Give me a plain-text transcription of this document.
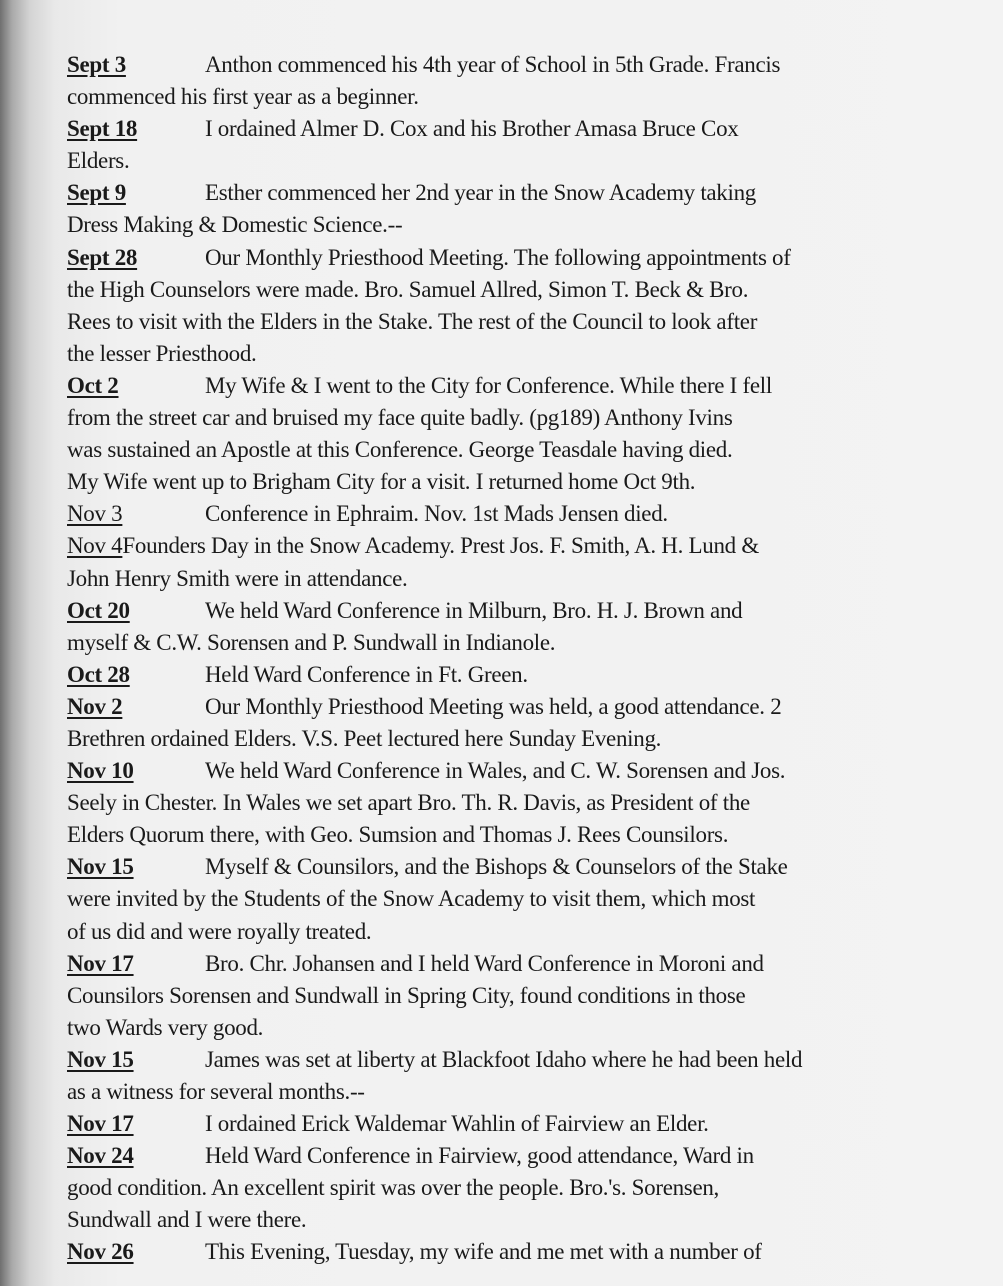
Sept 3	Anthon commenced his 4th year of School in 5th Grade. Francis
commenced his first year as a beginner.
Sept 18	I ordained Almer D. Cox and his Brother Amasa Bruce Cox
Elders.
Sept 9	Esther commenced her 2nd year in the Snow Academy taking
Dress Making & Domestic Science.--
Sept 28	Our Monthly Priesthood Meeting. The following appointments of
the High Counselors were made. Bro. Samuel Allred, Simon T. Beck & Bro.
Rees to visit with the Elders in the Stake. The rest of the Council to look after
the lesser Priesthood.
Oct 2	My Wife & I went to the City for Conference. While there I fell
from the street car and bruised my face quite badly. (pg189) Anthony Ivins
was sustained an Apostle at this Conference. George Teasdale having died.
My Wife went up to Brigham City for a visit. I returned home Oct 9th.
Nov 3	Conference in Ephraim. Nov. 1st Mads Jensen died.
Nov 4Founders Day in the Snow Academy. Prest Jos. F. Smith, A. H. Lund &
John Henry Smith were in attendance.
Oct 20	We held Ward Conference in Milburn, Bro. H. J. Brown and
myself & C.W. Sorensen and P. Sundwall in Indianole.
Oct 28	Held Ward Conference in Ft. Green.
Nov 2	Our Monthly Priesthood Meeting was held, a good attendance. 2
Brethren ordained Elders. V.S. Peet lectured here Sunday Evening.
Nov 10	We held Ward Conference in Wales, and C. W. Sorensen and Jos.
Seely in Chester. In Wales we set apart Bro. Th. R. Davis, as President of the
Elders Quorum there, with Geo. Sumsion and Thomas J. Rees Counsilors.
Nov 15	Myself & Counsilors, and the Bishops & Counselors of the Stake
were invited by the Students of the Snow Academy to visit them, which most
of us did and were royally treated.
Nov 17	Bro. Chr. Johansen and I held Ward Conference in Moroni and
Counsilors Sorensen and Sundwall in Spring City, found conditions in those
two Wards very good.
Nov 15	James was set at liberty at Blackfoot Idaho where he had been held
as a witness for several months.--
Nov 17	I ordained Erick Waldemar Wahlin of Fairview an Elder.
Nov 24	Held Ward Conference in Fairview, good attendance, Ward in
good condition. An excellent spirit was over the people. Bro.'s. Sorensen,
Sundwall and I were there.
Nov 26	This Evening, Tuesday, my wife and me met with a number of
